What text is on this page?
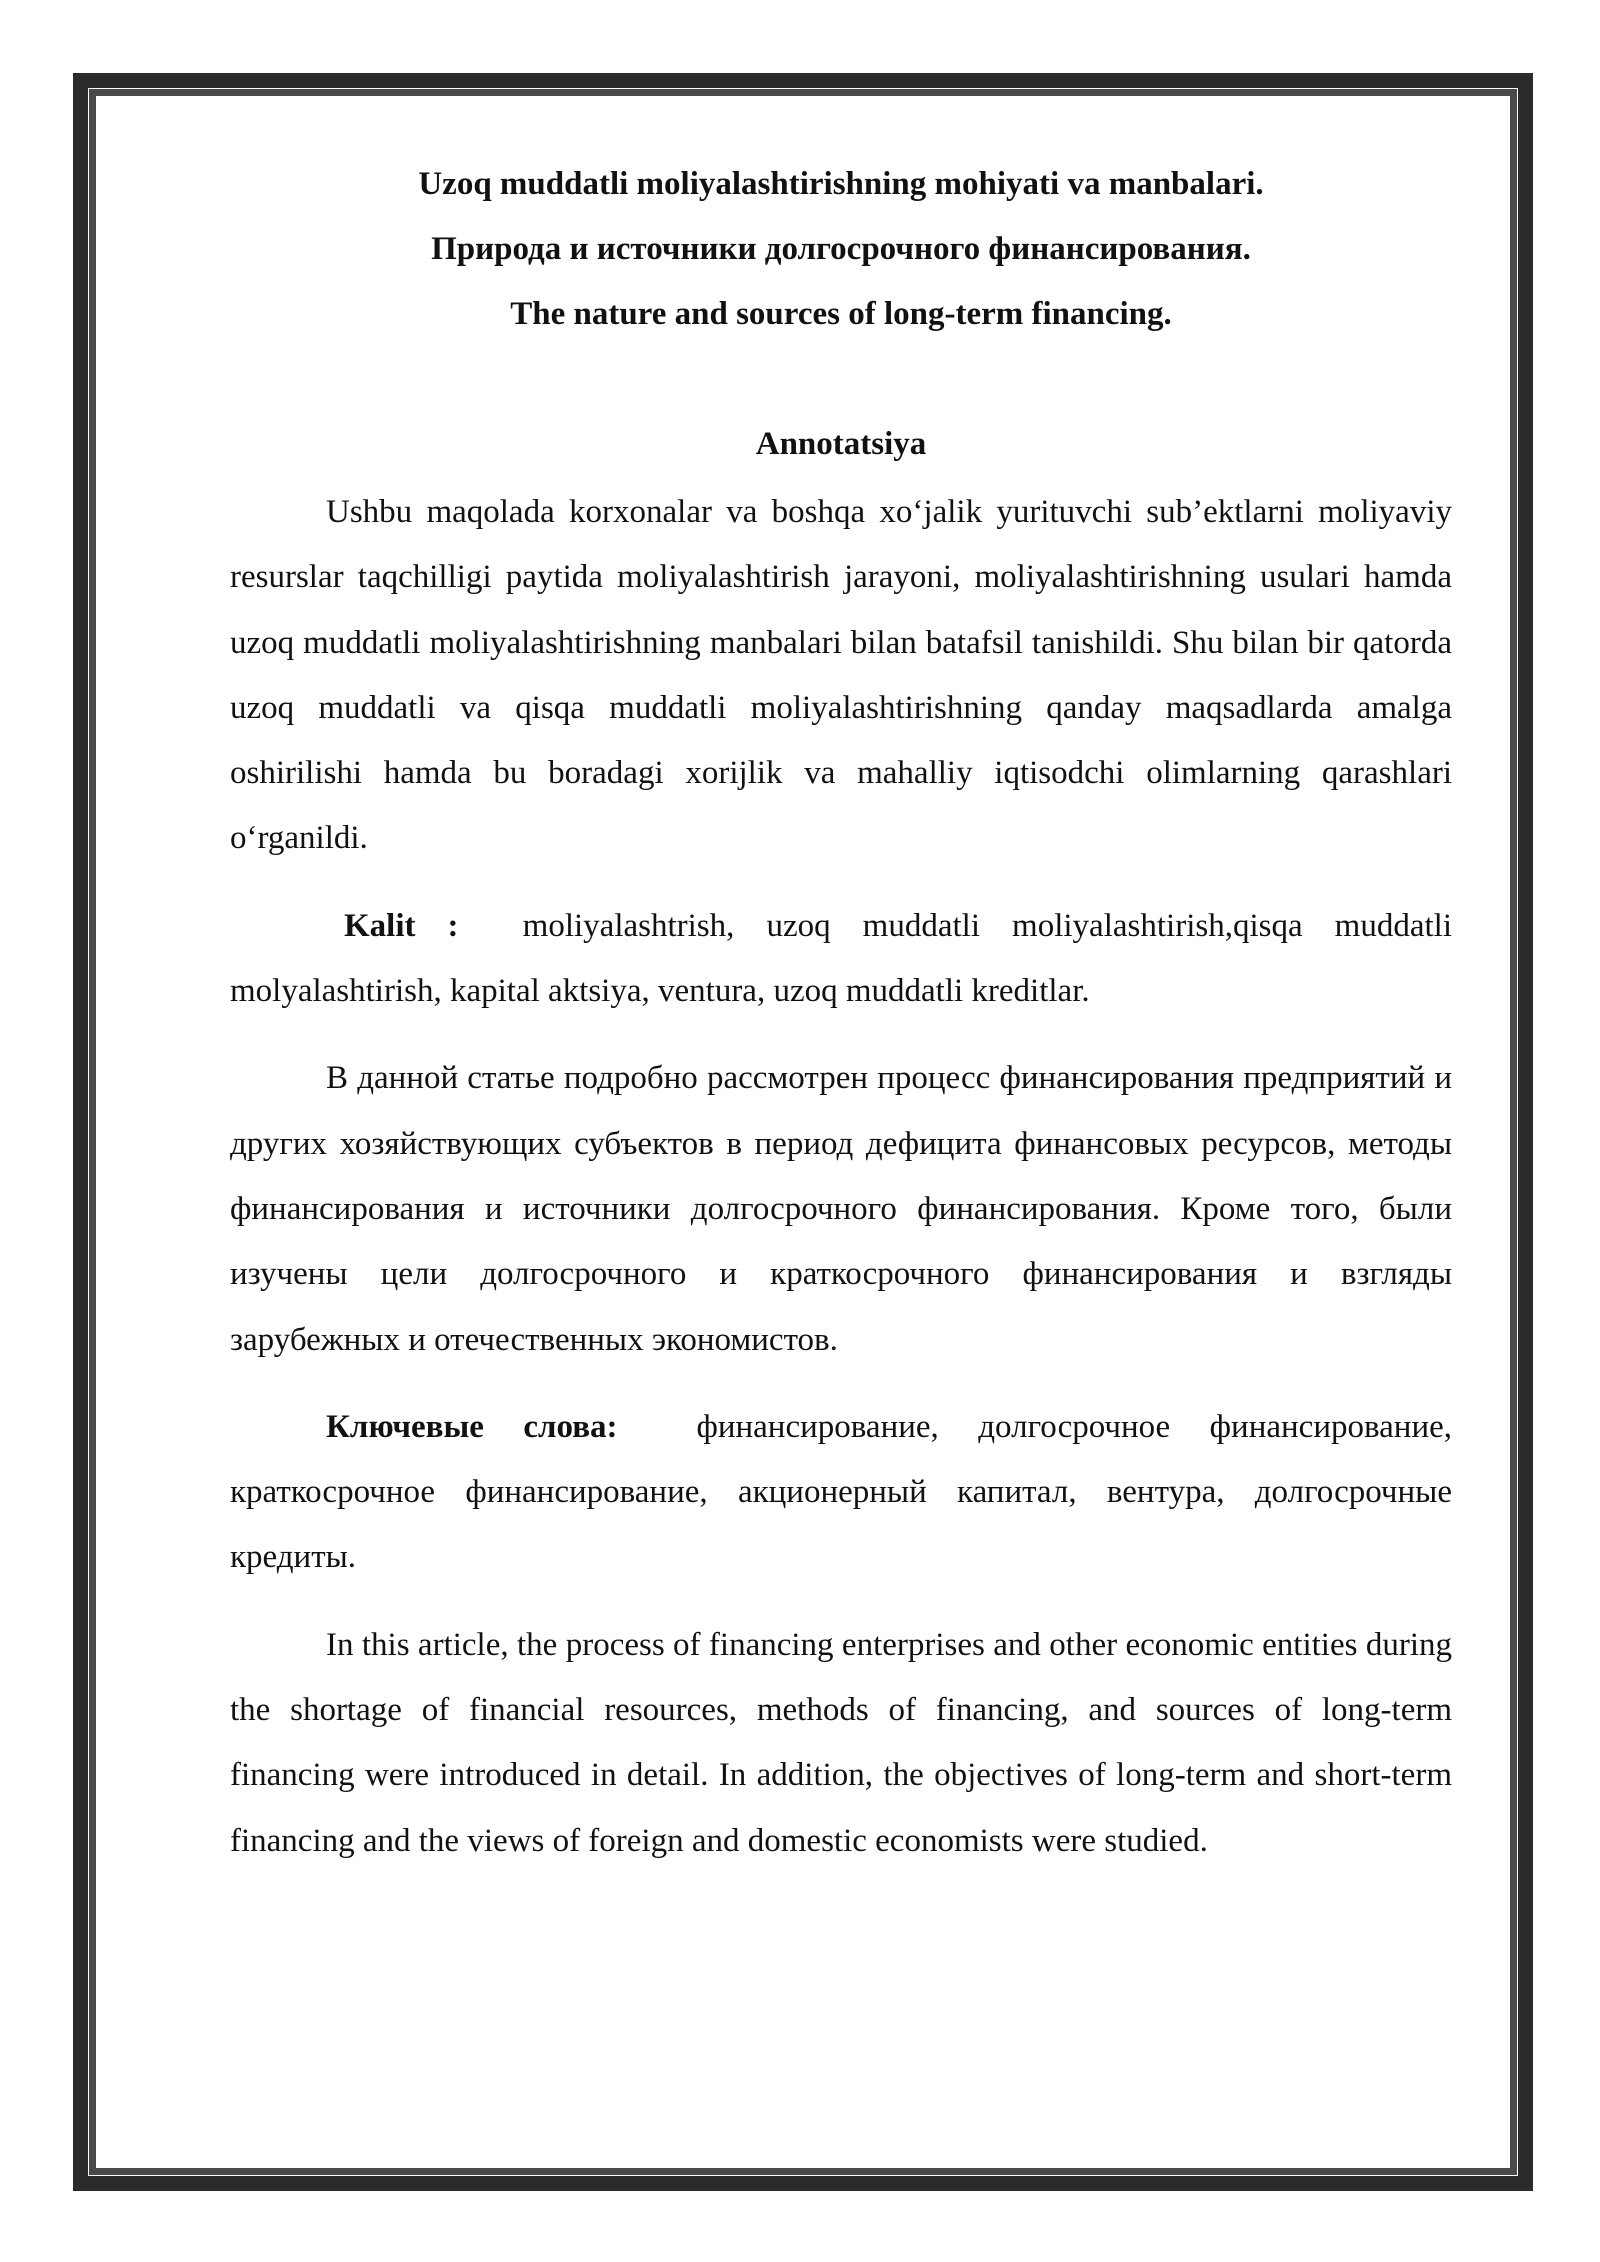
Uzoq muddatli moliyalashtirishning mohiyati va manbalari.

Природа и источники долгосрочного финансирования.

The nature and sources of long-term financing.

Annotatsiya

Ushbu maqolada korxonalar va boshqa xo‘jalik yurituvchi sub’ektlarni moliyaviy resurslar taqchilligi paytida moliyalashtirish jarayoni, moliyalashtirishning usulari hamda uzoq muddatli moliyalashtirishning manbalari bilan batafsil tanishildi. Shu bilan bir qatorda uzoq muddatli va qisqa muddatli moliyalashtirishning qanday maqsadlarda amalga oshirilishi hamda bu boradagi xorijlik va mahalliy iqtisodchi olimlarning qarashlari o‘rganildi.

Kalit : moliyalashtrish, uzoq muddatli moliyalashtirish,qisqa muddatli molyalashtirish, kapital aktsiya, ventura, uzoq muddatli kreditlar.

В данной статье подробно рассмотрен процесс финансирования предприятий и других хозяйствующих субъектов в период дефицита финансовых ресурсов, методы финансирования и источники долгосрочного финансирования. Кроме того, были изучены цели долгосрочного и краткосрочного финансирования и взгляды зарубежных и отечественных экономистов.

Ключевые слова: финансирование, долгосрочное финансирование, краткосрочное финансирование, акционерный капитал, вентура, долгосрочные кредиты.

In this article, the process of financing enterprises and other economic entities during the shortage of financial resources, methods of financing, and sources of long-term financing were introduced in detail. In addition, the objectives of long-term and short-term financing and the views of foreign and domestic economists were studied.
